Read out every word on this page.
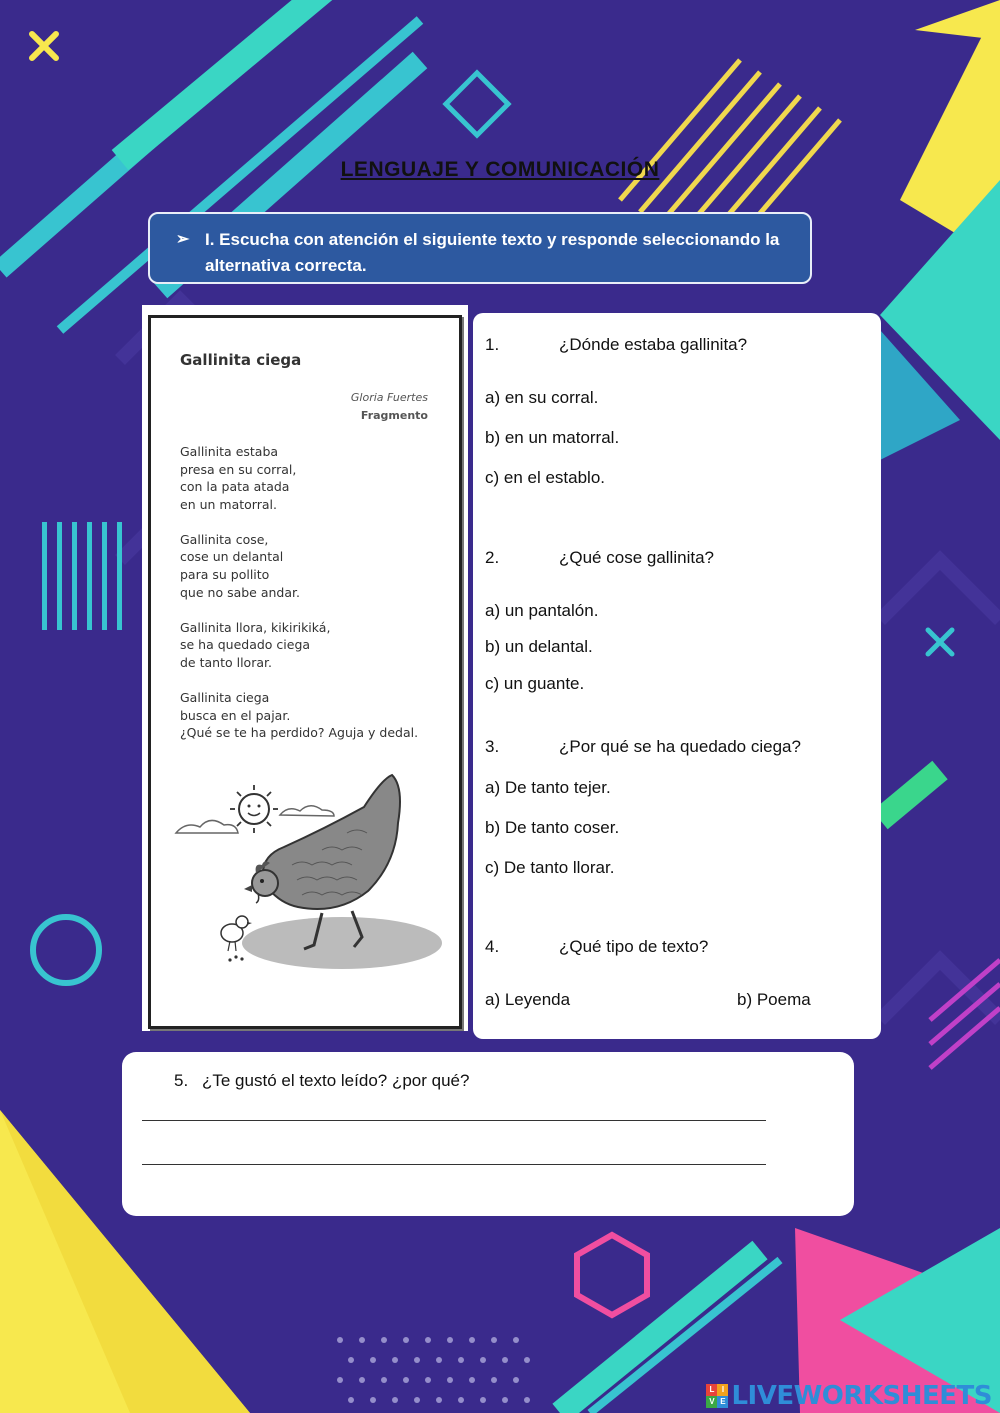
LENGUAJE Y COMUNICACIÓN
➢ I. Escucha con atención el siguiente texto y responde seleccionando la alternativa correcta.
Gallinita ciega
Gloria Fuertes
Fragmento
Gallinita estaba
presa en su corral,
con la pata atada
en un matorral.
Gallinita cose,
cose un delantal
para su pollito
que no sabe andar.
Gallinita llora, kikirikiká,
se ha quedado ciega
de tanto llorar.
Gallinita ciega
busca en el pajar.
¿Qué se te ha perdido? Aguja y dedal.
1.	¿Dónde estaba gallinita?
a) en su corral.
b) en un matorral.
c) en el establo.
2.	¿Qué cose gallinita?
a) un pantalón.
b) un delantal.
c) un guante.
3.	¿Por qué se ha quedado ciega?
a) De tanto tejer.
b) De tanto coser.
c) De tanto llorar.
4.	¿Qué tipo de texto?
a) Leyenda	b) Poema
5. ¿Te gustó el texto leído? ¿por qué?
L I
V E LIVEWORKSHEETS
